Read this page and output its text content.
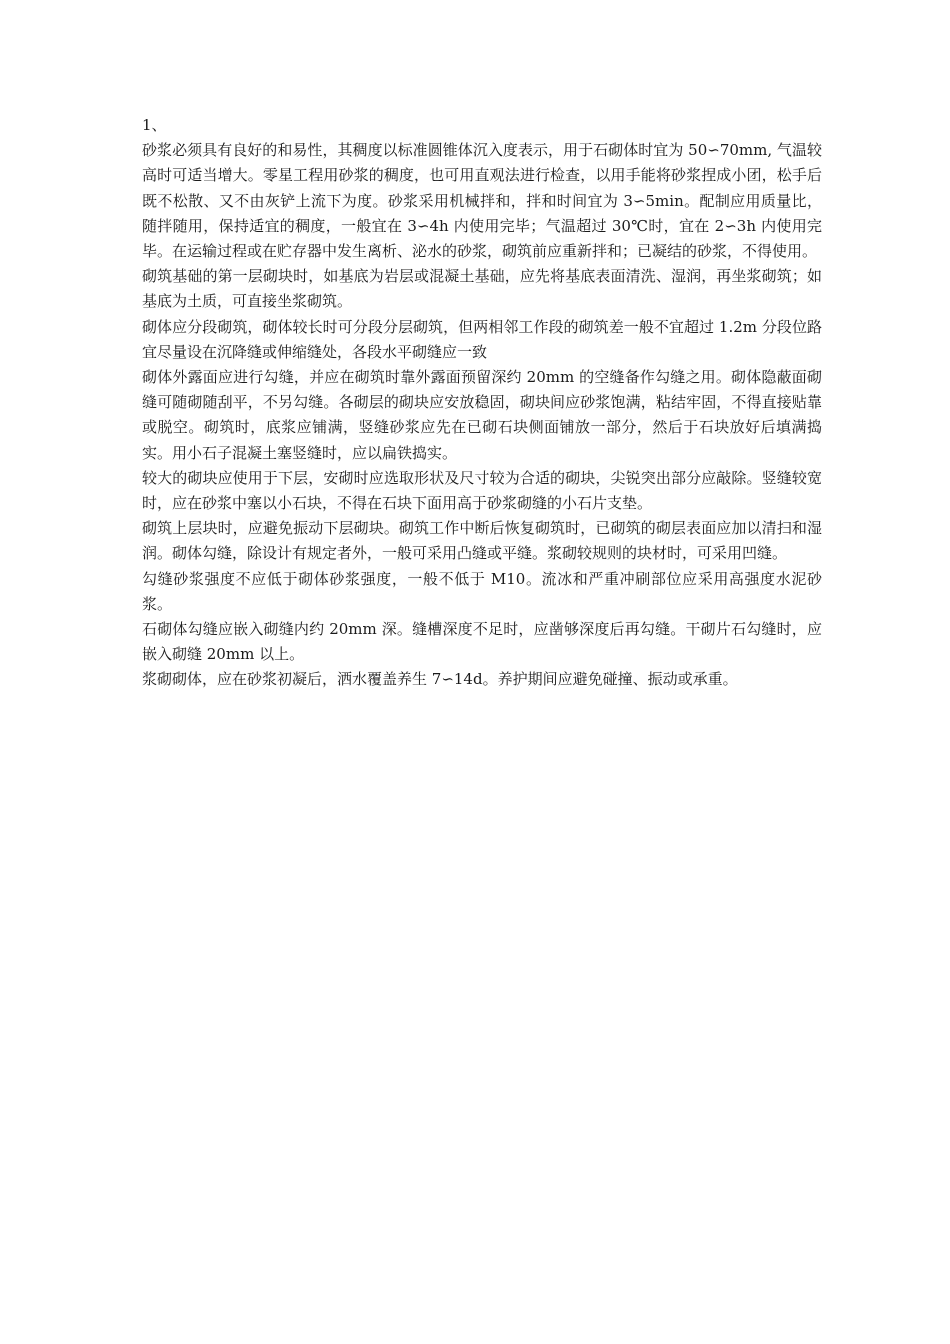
1、

砂浆必须具有良好的和易性，其稠度以标准圆锥体沉入度表示，用于石砌体时宜为 50∽70mm, 气温较高时可适当增大。零星工程用砂浆的稠度，也可用直观法进行检查，以用手能将砂浆捏成小团，松手后既不松散、又不由灰铲上流下为度。砂浆采用机械拌和，拌和时间宜为 3∽5min。配制应用质量比，随拌随用，保持适宜的稠度，一般宜在 3∽4h 内使用完毕；气温超过 30℃时，宜在 2∽3h 内使用完毕。在运输过程或在贮存器中发生离析、泌水的砂浆，砌筑前应重新拌和；已凝结的砂浆，不得使用。

砌筑基础的第一层砌块时，如基底为岩层或混凝土基础，应先将基底表面清洗、湿润，再坐浆砌筑；如基底为土质，可直接坐浆砌筑。

砌体应分段砌筑，砌体较长时可分段分层砌筑，但两相邻工作段的砌筑差一般不宜超过 1.2m 分段位路宜尽量设在沉降缝或伸缩缝处，各段水平砌缝应一致

砌体外露面应进行勾缝，并应在砌筑时靠外露面预留深约 20mm 的空缝备作勾缝之用。砌体隐蔽面砌缝可随砌随刮平，不另勾缝。各砌层的砌块应安放稳固，砌块间应砂浆饱满，粘结牢固，不得直接贴靠或脱空。砌筑时，底浆应铺满，竖缝砂浆应先在已砌石块侧面铺放一部分，然后于石块放好后填满捣实。用小石子混凝土塞竖缝时，应以扁铁捣实。

较大的砌块应使用于下层，安砌时应选取形状及尺寸较为合适的砌块，尖锐突出部分应敲除。竖缝较宽时，应在砂浆中塞以小石块，不得在石块下面用高于砂浆砌缝的小石片支垫。

砌筑上层块时，应避免振动下层砌块。砌筑工作中断后恢复砌筑时，已砌筑的砌层表面应加以清扫和湿润。砌体勾缝，除设计有规定者外，一般可采用凸缝或平缝。浆砌较规则的块材时，可采用凹缝。

勾缝砂浆强度不应低于砌体砂浆强度，一般不低于 M10。流冰和严重冲刷部位应采用高强度水泥砂浆。

石砌体勾缝应嵌入砌缝内约 20mm 深。缝槽深度不足时，应凿够深度后再勾缝。干砌片石勾缝时，应嵌入砌缝 20mm 以上。

浆砌砌体，应在砂浆初凝后，洒水覆盖养生 7∽14d。养护期间应避免碰撞、振动或承重。
